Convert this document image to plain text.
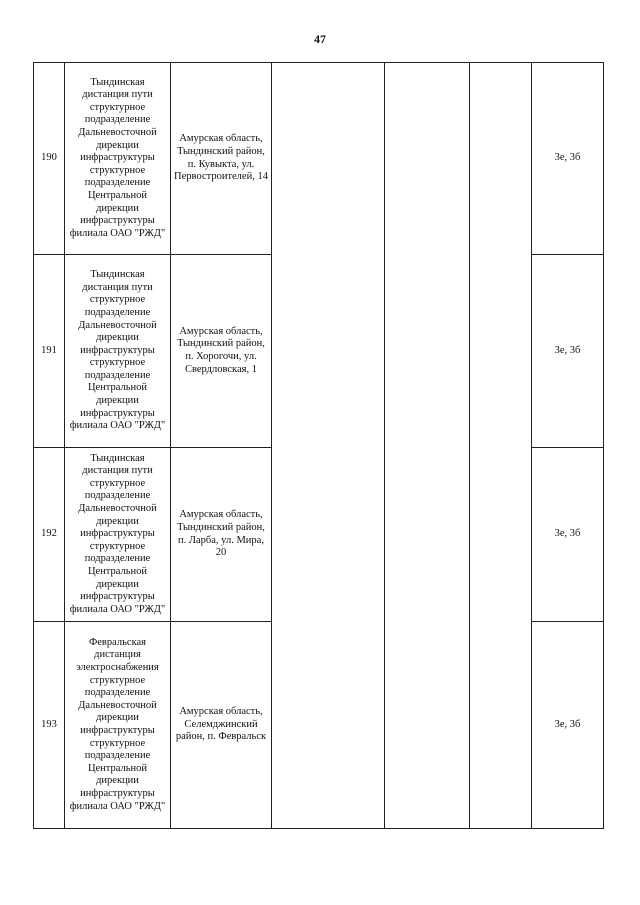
47
190	Тындинская дистанция пути структурное подразделение Дальневосточной дирекции инфраструктуры структурное подразделение Центральной дирекции инфраструктуры филиала ОАО "РЖД"	Амурская область, Тындинский район, п. Кувыкта, ул. Первостроителей, 14				3е, 3б
191	Тындинская дистанция пути структурное подразделение Дальневосточной дирекции инфраструктуры структурное подразделение Центральной дирекции инфраструктуры филиала ОАО "РЖД"	Амурская область, Тындинский район, п. Хорогочи, ул. Свердловская, 1				3е, 3б
192	Тындинская дистанция пути структурное подразделение Дальневосточной дирекции инфраструктуры структурное подразделение Центральной дирекции инфраструктуры филиала ОАО "РЖД"	Амурская область, Тындинский район, п. Ларба, ул. Мира, 20				3е, 3б
193	Февральская дистанция электроснабжения структурное подразделение Дальневосточной дирекции инфраструктуры структурное подразделение Центральной дирекции инфраструктуры филиала ОАО "РЖД"	Амурская область, Селемджинский район, п. Февральск				3е, 3б
